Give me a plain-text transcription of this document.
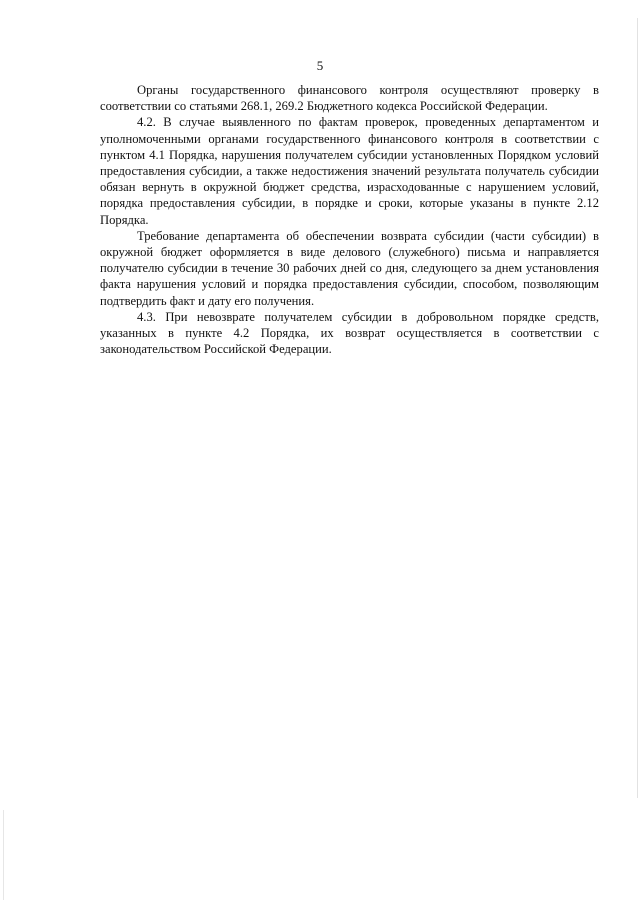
5

Органы государственного финансового контроля осуществляют проверку в соответствии со статьями 268.1, 269.2 Бюджетного кодекса Российской Федерации.

4.2. В случае выявленного по фактам проверок, проведенных департаментом и уполномоченными органами государственного финансового контроля в соответствии с пунктом 4.1 Порядка, нарушения получателем субсидии установленных Порядком условий предоставления субсидии, а также недостижения значений результата получатель субсидии обязан вернуть в окружной бюджет средства, израсходованные с нарушением условий, порядка предоставления субсидии, в порядке и сроки, которые указаны в пункте 2.12 Порядка.

Требование департамента об обеспечении возврата субсидии (части субсидии) в окружной бюджет оформляется в виде делового (служебного) письма и направляется получателю субсидии в течение 30 рабочих дней со дня, следующего за днем установления факта нарушения условий и порядка предоставления субсидии, способом, позволяющим подтвердить факт и дату его получения.

4.3. При невозврате получателем субсидии в добровольном порядке средств, указанных в пункте 4.2 Порядка, их возврат осуществляется в соответствии с законодательством Российской Федерации.
